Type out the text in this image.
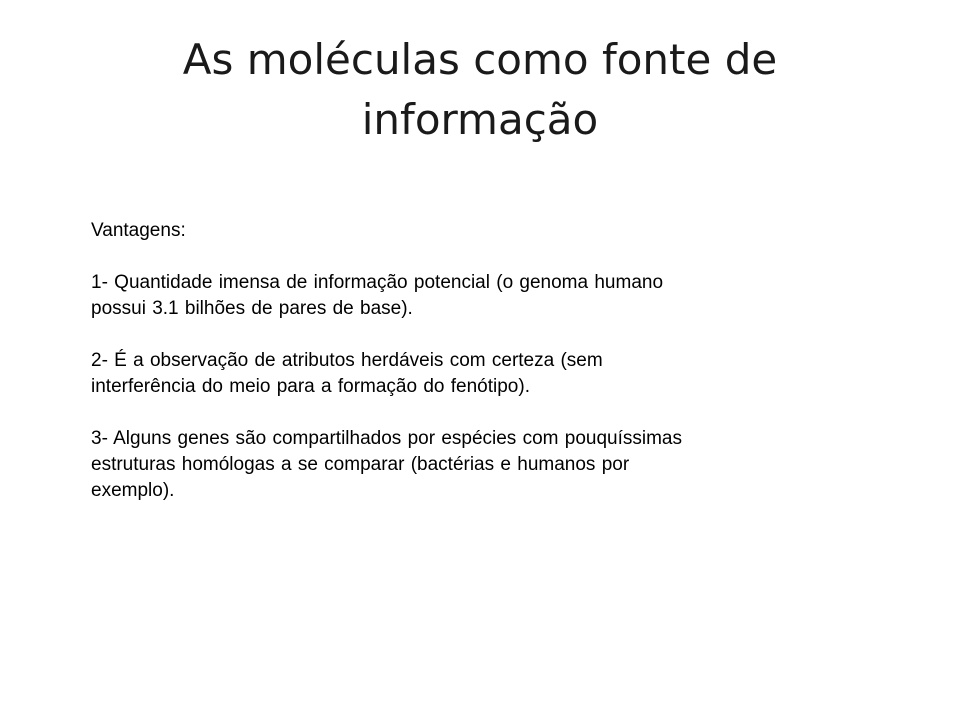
As moléculas como fonte de informação

Vantagens:

1- Quantidade imensa de informação potencial (o genoma humano

possui 3.1 bilhões de pares de base).

2- É a observação de atributos herdáveis com certeza (sem

interferência do meio para a formação do fenótipo).

3- Alguns genes são compartilhados por espécies com pouquíssimas

estruturas homólogas a se comparar (bactérias e humanos por

exemplo).
